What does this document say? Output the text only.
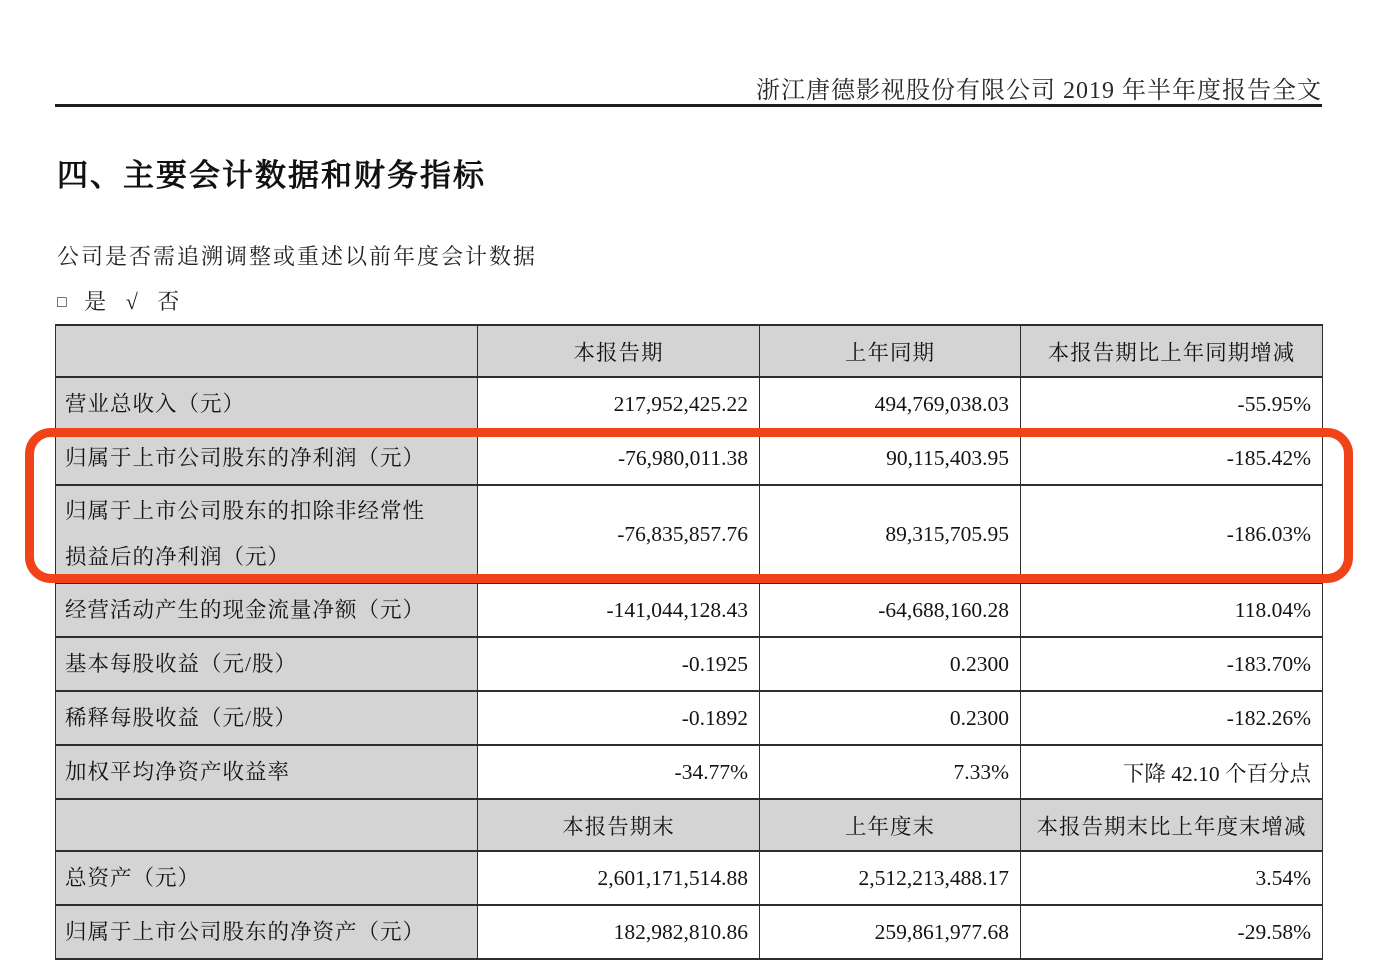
浙江唐德影视股份有限公司 2019 年半年度报告全文
四、主要会计数据和财务指标
公司是否需追溯调整或重述以前年度会计数据
□ 是 √ 否
	本报告期	上年同期	本报告期比上年同期增减
营业总收入（元）	217,952,425.22	494,769,038.03	-55.95%
归属于上市公司股东的净利润（元）	-76,980,011.38	90,115,403.95	-185.42%
归属于上市公司股东的扣除非经常性损益后的净利润（元）	-76,835,857.76	89,315,705.95	-186.03%
经营活动产生的现金流量净额（元）	-141,044,128.43	-64,688,160.28	118.04%
基本每股收益（元/股）	-0.1925	0.2300	-183.70%
稀释每股收益（元/股）	-0.1892	0.2300	-182.26%
加权平均净资产收益率	-34.77%	7.33%	下降 42.10 个百分点
	本报告期末	上年度末	本报告期末比上年度末增减
总资产（元）	2,601,171,514.88	2,512,213,488.17	3.54%
归属于上市公司股东的净资产（元）	182,982,810.86	259,861,977.68	-29.58%
